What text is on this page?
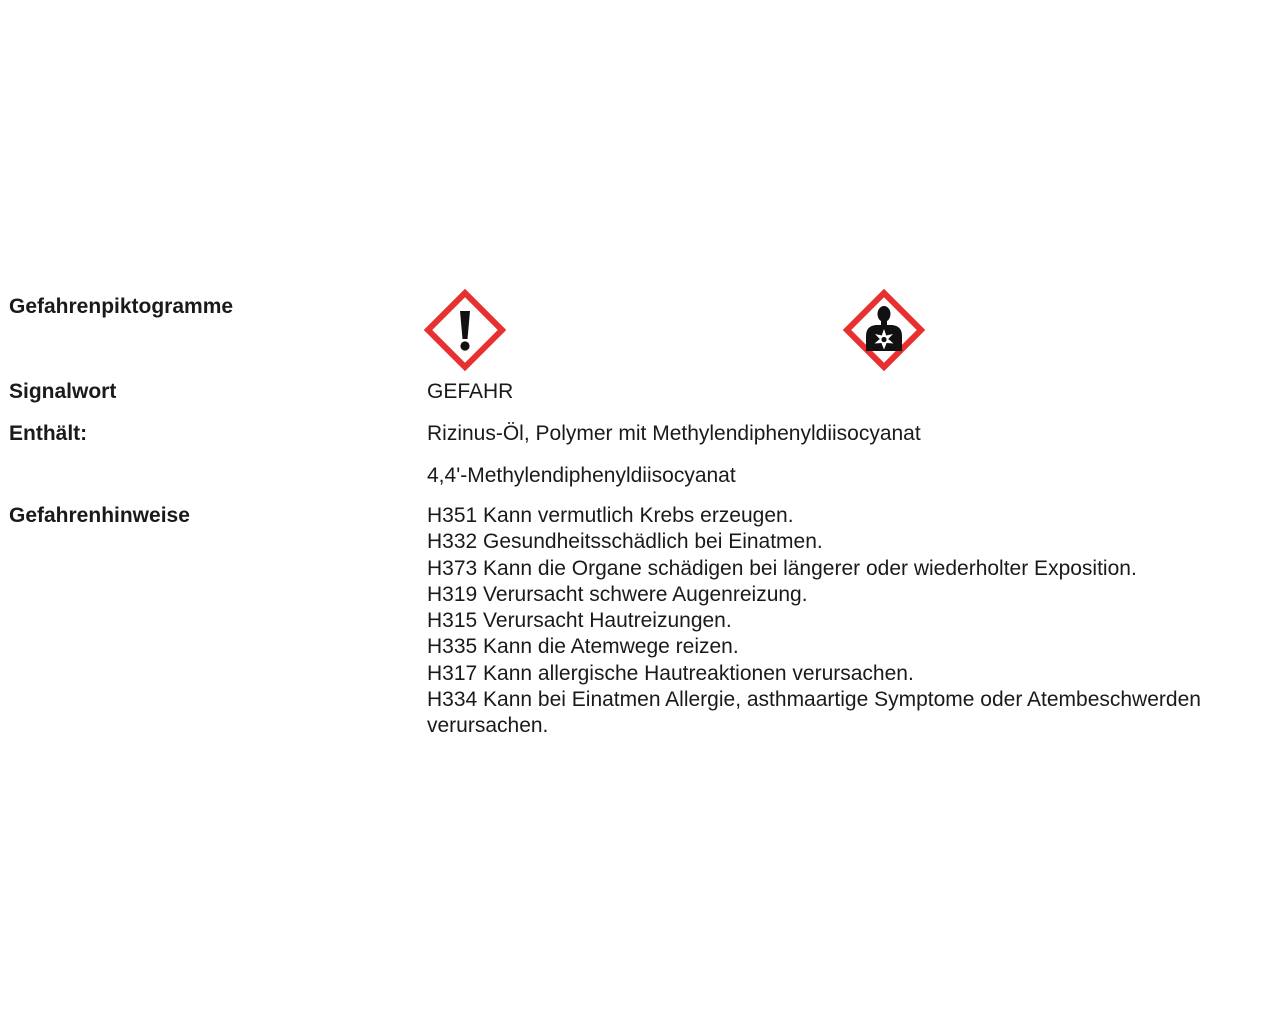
Gefahrenpiktogramme
Signalwort	GEFAHR
Enthält:	Rizinus-Öl, Polymer mit Methylendiphenyldiisocyanat
4,4'-Methylendiphenyldiisocyanat
Gefahrenhinweise	H351 Kann vermutlich Krebs erzeugen.
H332 Gesundheitsschädlich bei Einatmen.
H373 Kann die Organe schädigen bei längerer oder wiederholter Exposition.
H319 Verursacht schwere Augenreizung.
H315 Verursacht Hautreizungen.
H335 Kann die Atemwege reizen.
H317 Kann allergische Hautreaktionen verursachen.
H334 Kann bei Einatmen Allergie, asthmaartige Symptome oder Atembeschwerden verursachen.
